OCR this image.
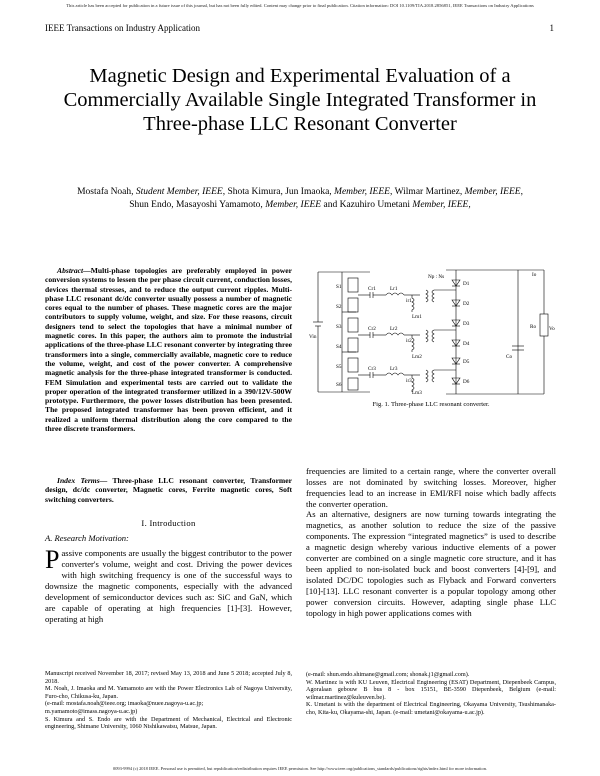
This article has been accepted for publication in a future issue of this journal, but has not been fully edited. Content may change prior to final publication. Citation information: DOI 10.1109/TIA.2018.2856851, IEEE Transactions on Industry Applications
IEEE Transactions on Industry Application	1
Magnetic Design and Experimental Evaluation of a Commercially Available Single Integrated Transformer in Three-phase LLC Resonant Converter
Mostafa Noah, Student Member, IEEE, Shota Kimura, Jun Imaoka, Member, IEEE, Wilmar Martinez, Member, IEEE, Shun Endo, Masayoshi Yamamoto, Member, IEEE and Kazuhiro Umetani Member, IEEE,
Abstract—Multi-phase topologies are preferably employed in power conversion systems to lessen the per phase circuit current, conduction losses, devices thermal stresses, and to reduce the output current ripples. Multi-phase LLC resonant dc/dc converter usually possess a number of magnetic cores equal to the number of phases. These magnetic cores are the major contributors to supply volume, weight, and size. For these reasons, circuit designers tend to select the topologies that have a minimal number of magnetic cores. In this paper, the authors aim to promote the industrial applications of the three-phase LLC resonant converter by integrating three transformers into a single, commercially available, magnetic core to reduce the volume, weight, and cost of the power converter. A comprehensive magnetic analysis for the three-phase integrated transformer is conducted. FEM Simulation and experimental tests are carried out to validate the proper operation of the integrated transformer utilized in a 390/12V-500W prototype. Furthermore, the power losses distribution has been presented. The proposed integrated transformer has been proven efficient, and it realized a uniform thermal distribution along the core compared to the three discrete transformers.
Index Terms— Three-phase LLC resonant converter, Transformer design, dc/dc converter, Magnetic cores, Ferrite magnetic cores, Soft switching converters.
I. Introduction
A. Research Motivation:
Passive components are usually the biggest contributor to the power converter's volume, weight and cost. Driving the power devices with high switching frequency is one of the successful ways to downsize the magnetic components, especially with the advanced development of semiconductor devices such as: SiC and GaN, which are capable of operating at high frequencies [1]-[3]. However, operating at high
Manuscript received November 18, 2017; revised May 13, 2018 and June 5 2018; accepted July 8, 2018.
M. Noah, J. Imaoka and M. Yamamoto are with the Power Electronics Lab of Nagoya University, Furo-cho, Chikusa-ku, Japan.
(e-mail: mostafa.noah@ieee.org; imaoka@nuee.nagoya-u.ac.jp;
m.yamamoto@imass.nagoya-u.ac.jp)
S. Kimura and S. Endo are with the Department of Mechanical, Electrical and Electronic engineering, Shimane University, 1060 Nishikawatsu, Matsue, Japan.
Vin
S1
S2
S3
S4
S5
S6
Cr1	Lr1
ir1
Lm1
Cr2	Lr2
ir2
Lm2
Cr3	Lr3
ir3
Lm3
Np : Ns
D1
D2
D3
D4
D5
D6
Io
Ro Vo
Co
Fig. 1. Three-phase LLC resonant converter.
frequencies are limited to a certain range, where the converter overall losses are not dominated by switching losses. Moreover, higher frequencies lead to an increase in EMI/RFI noise which badly affects the converter operation.
As an alternative, designers are now turning towards integrating the magnetics, as another solution to reduce the size of the passive components. The expression “integrated magnetics” is used to describe a magnetic design whereby various inductive elements of a power converter are combined on a single magnetic core structure, and it has been applied to non-isolated buck and boost converters [4]-[9], and isolated DC/DC topologies such as Flyback and Forward converters [10]-[13]. LLC resonant converter is a popular topology among other power conversion circuits. However, adapting single phase LLC topology in high power applications comes with
(e-mail: shun.endo.shimane@gmail.com; shonak.j1@gmail.com).
W. Martinez is with KU Leuven, Electrical Engineering (ESAT) Department, Diepenbeek Campus, Agoralaan gebouw B bus 8 - box 15151, BE-3590 Diepenbeek, Belgium (e-mail: wilmar.martinez@kuleuven.be).
K. Umetani is with the department of Electrical Engineering, Okayama University, Tsushimanaka-cho, Kita-ku, Okayama-shi, Japan. (e-mail: umetani@okayama-u.ac.jp).
0093-9994 (c) 2018 IEEE. Personal use is permitted, but republication/redistribution requires IEEE permission. See http://www.ieee.org/publications_standards/publications/rights/index.html for more information.
